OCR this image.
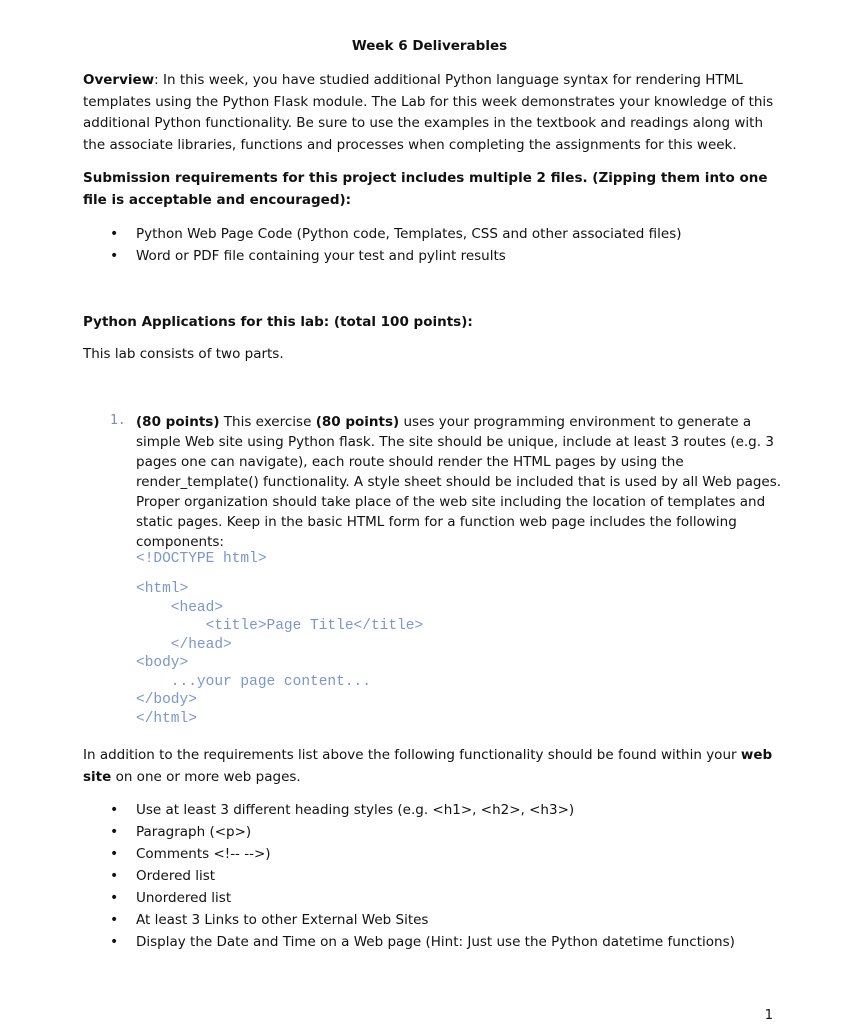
Week 6 Deliverables
Overview: In this week, you have studied additional Python language syntax for rendering HTML templates using the Python Flask module. The Lab for this week demonstrates your knowledge of this additional Python functionality. Be sure to use the examples in the textbook and readings along with the associate libraries, functions and processes when completing the assignments for this week.
Submission requirements for this project includes multiple 2 files. (Zipping them into one file is acceptable and encouraged):
• Python Web Page Code (Python code, Templates, CSS and other associated files)
• Word or PDF file containing your test and pylint results
Python Applications for this lab: (total 100 points):
This lab consists of two parts.
1. (80 points) This exercise (80 points) uses your programming environment to generate a simple Web site using Python flask. The site should be unique, include at least 3 routes (e.g. 3 pages one can navigate), each route should render the HTML pages by using the render_template() functionality. A style sheet should be included that is used by all Web pages. Proper organization should take place of the web site including the location of templates and static pages. Keep in the basic HTML form for a function web page includes the following components:
<!DOCTYPE html>
<html>
<head>
<title>Page Title</title>
</head>
<body>
...your page content...
</body>
</html>
In addition to the requirements list above the following functionality should be found within your web site on one or more web pages.
• Use at least 3 different heading styles (e.g. <h1>, <h2>, <h3>)
• Paragraph (<p>)
• Comments <!-- -->)
• Ordered list
• Unordered list
• At least 3 Links to other External Web Sites
• Display the Date and Time on a Web page (Hint: Just use the Python datetime functions)
1
